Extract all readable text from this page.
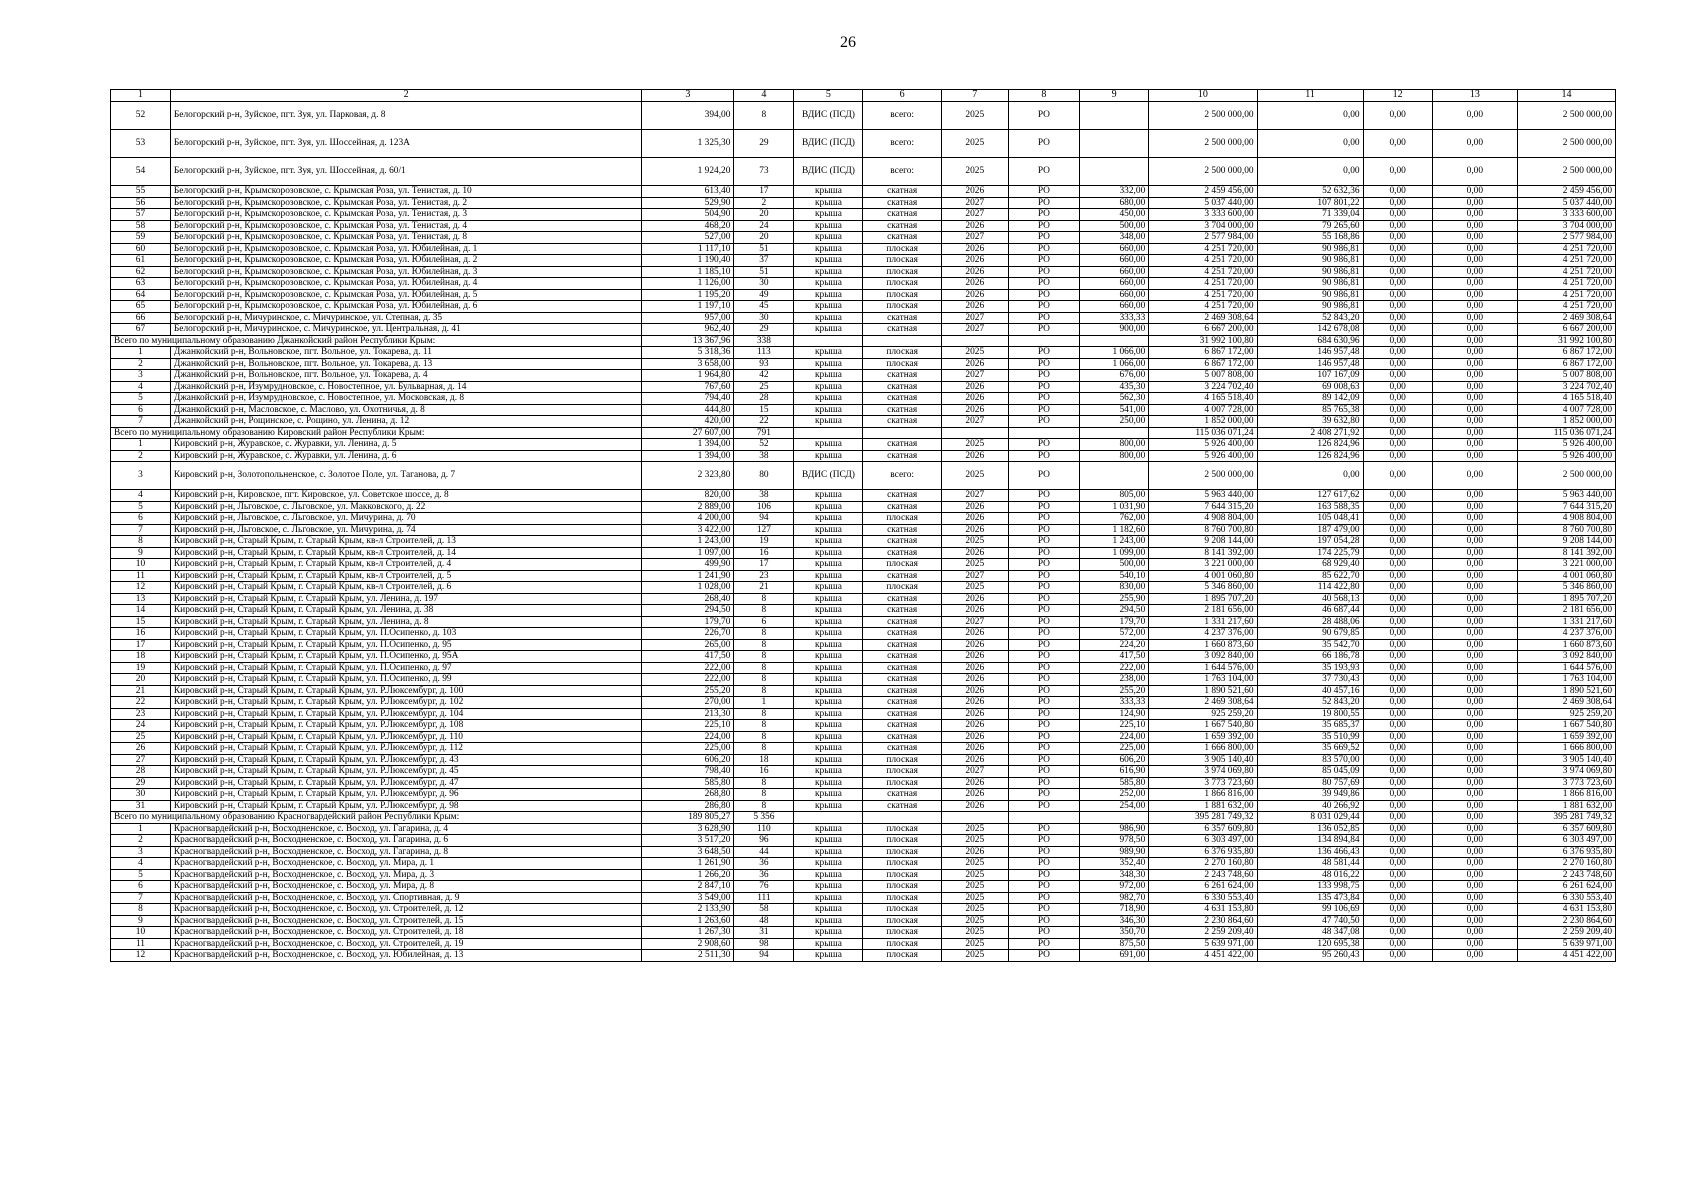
26
1	2	3	4	5	6	7	8	9	10	11	12	13	14
52	Белогорский р-н, Зуйское, пгт. Зуя, ул. Парковая, д. 8	394,00	8	ВДИС (ПСД)	всего:	2025	РО		2 500 000,00	0,00	0,00	0,00	2 500 000,00
53	Белогорский р-н, Зуйское, пгт. Зуя, ул. Шоссейная, д. 123А	1 325,30	29	ВДИС (ПСД)	всего:	2025	РО		2 500 000,00	0,00	0,00	0,00	2 500 000,00
54	Белогорский р-н, Зуйское, пгт. Зуя, ул. Шоссейная, д. 60/1	1 924,20	73	ВДИС (ПСД)	всего:	2025	РО		2 500 000,00	0,00	0,00	0,00	2 500 000,00
55	Белогорский р-н, Крымскорозовское, с. Крымская Роза, ул. Тенистая, д. 10	613,40	17	крыша	скатная	2026	РО	332,00	2 459 456,00	52 632,36	0,00	0,00	2 459 456,00
56	Белогорский р-н, Крымскорозовское, с. Крымская Роза, ул. Тенистая, д. 2	529,90	2	крыша	скатная	2027	РО	680,00	5 037 440,00	107 801,22	0,00	0,00	5 037 440,00
57	Белогорский р-н, Крымскорозовское, с. Крымская Роза, ул. Тенистая, д. 3	504,90	20	крыша	скатная	2027	РО	450,00	3 333 600,00	71 339,04	0,00	0,00	3 333 600,00
58	Белогорский р-н, Крымскорозовское, с. Крымская Роза, ул. Тенистая, д. 4	468,20	24	крыша	скатная	2026	РО	500,00	3 704 000,00	79 265,60	0,00	0,00	3 704 000,00
59	Белогорский р-н, Крымскорозовское, с. Крымская Роза, ул. Тенистая, д. 8	527,00	20	крыша	скатная	2027	РО	348,00	2 577 984,00	55 168,86	0,00	0,00	2 577 984,00
60	Белогорский р-н, Крымскорозовское, с. Крымская Роза, ул. Юбилейная, д. 1	1 117,10	51	крыша	плоская	2026	РО	660,00	4 251 720,00	90 986,81	0,00	0,00	4 251 720,00
61	Белогорский р-н, Крымскорозовское, с. Крымская Роза, ул. Юбилейная, д. 2	1 190,40	37	крыша	плоская	2026	РО	660,00	4 251 720,00	90 986,81	0,00	0,00	4 251 720,00
62	Белогорский р-н, Крымскорозовское, с. Крымская Роза, ул. Юбилейная, д. 3	1 185,10	51	крыша	плоская	2026	РО	660,00	4 251 720,00	90 986,81	0,00	0,00	4 251 720,00
63	Белогорский р-н, Крымскорозовское, с. Крымская Роза, ул. Юбилейная, д. 4	1 126,00	30	крыша	плоская	2026	РО	660,00	4 251 720,00	90 986,81	0,00	0,00	4 251 720,00
64	Белогорский р-н, Крымскорозовское, с. Крымская Роза, ул. Юбилейная, д. 5	1 195,20	49	крыша	плоская	2026	РО	660,00	4 251 720,00	90 986,81	0,00	0,00	4 251 720,00
65	Белогорский р-н, Крымскорозовское, с. Крымская Роза, ул. Юбилейная, д. 6	1 197,10	45	крыша	плоская	2026	РО	660,00	4 251 720,00	90 986,81	0,00	0,00	4 251 720,00
66	Белогорский р-н, Мичуринское, с. Мичуринское, ул. Степная, д. 35	957,00	30	крыша	скатная	2027	РО	333,33	2 469 308,64	52 843,20	0,00	0,00	2 469 308,64
67	Белогорский р-н, Мичуринское, с. Мичуринское, ул. Центральная, д. 41	962,40	29	крыша	скатная	2027	РО	900,00	6 667 200,00	142 678,08	0,00	0,00	6 667 200,00
Всего по муниципальному образованию Джанкойский район Республики Крым:		13 367,96	338						31 992 100,80	684 630,96	0,00	0,00	31 992 100,80
1	Джанкойский р-н, Вольновское, пгт. Вольное, ул. Токарева, д. 11	5 318,36	113	крыша	плоская	2025	РО	1 066,00	6 867 172,00	146 957,48	0,00	0,00	6 867 172,00
2	Джанкойский р-н, Вольновское, пгт. Вольное, ул. Токарева, д. 13	3 658,00	93	крыша	плоская	2026	РО	1 066,00	6 867 172,00	146 957,48	0,00	0,00	6 867 172,00
3	Джанкойский р-н, Вольновское, пгт. Вольное, ул. Токарева, д. 4	1 964,80	42	крыша	скатная	2027	РО	676,00	5 007 808,00	107 167,09	0,00	0,00	5 007 808,00
4	Джанкойский р-н, Изумрудновское, с. Новостепное, ул. Бульварная, д. 14	767,60	25	крыша	скатная	2026	РО	435,30	3 224 702,40	69 008,63	0,00	0,00	3 224 702,40
5	Джанкойский р-н, Изумрудновское, с. Новостепное, ул. Московская, д. 8	794,40	28	крыша	скатная	2026	РО	562,30	4 165 518,40	89 142,09	0,00	0,00	4 165 518,40
6	Джанкойский р-н, Масловское, с. Маслово, ул. Охотничья, д. 8	444,80	15	крыша	скатная	2026	РО	541,00	4 007 728,00	85 765,38	0,00	0,00	4 007 728,00
7	Джанкойский р-н, Рощинское, с. Рощино, ул. Ленина, д. 12	420,00	22	крыша	скатная	2027	РО	250,00	1 852 000,00	39 632,80	0,00	0,00	1 852 000,00
Всего по муниципальному образованию Кировский район Республики Крым:		27 607,00	791						115 036 071,24	2 408 271,92	0,00	0,00	115 036 071,24
1	Кировский р-н, Журавское, с. Журавки, ул. Ленина, д. 5	1 394,00	52	крыша	скатная	2025	РО	800,00	5 926 400,00	126 824,96	0,00	0,00	5 926 400,00
2	Кировский р-н, Журавское, с. Журавки, ул. Ленина, д. 6	1 394,00	38	крыша	скатная	2026	РО	800,00	5 926 400,00	126 824,96	0,00	0,00	5 926 400,00
3	Кировский р-н, Золотопольненское, с. Золотое Поле, ул. Таганова, д. 7	2 323,80	80	ВДИС (ПСД)	всего:	2025	РО		2 500 000,00	0,00	0,00	0,00	2 500 000,00
4	Кировский р-н, Кировское, пгт. Кировское, ул. Советское шоссе, д. 8	820,00	38	крыша	скатная	2027	РО	805,00	5 963 440,00	127 617,62	0,00	0,00	5 963 440,00
5	Кировский р-н, Льговское, с. Льговское, ул. Макковского, д. 22	2 889,00	106	крыша	скатная	2026	РО	1 031,90	7 644 315,20	163 588,35	0,00	0,00	7 644 315,20
6	Кировский р-н, Льговское, с. Льговское, ул. Мичурина, д. 70	4 200,00	94	крыша	плоская	2026	РО	762,00	4 908 804,00	105 048,41	0,00	0,00	4 908 804,00
7	Кировский р-н, Льговское, с. Льговское, ул. Мичурина, д. 74	3 422,00	127	крыша	скатная	2026	РО	1 182,60	8 760 700,80	187 479,00	0,00	0,00	8 760 700,80
8	Кировский р-н, Старый Крым, г. Старый Крым, кв-л Строителей, д. 13	1 243,00	19	крыша	скатная	2025	РО	1 243,00	9 208 144,00	197 054,28	0,00	0,00	9 208 144,00
9	Кировский р-н, Старый Крым, г. Старый Крым, кв-л Строителей, д. 14	1 097,00	16	крыша	скатная	2026	РО	1 099,00	8 141 392,00	174 225,79	0,00	0,00	8 141 392,00
10	Кировский р-н, Старый Крым, г. Старый Крым, кв-л Строителей, д. 4	499,90	17	крыша	плоская	2025	РО	500,00	3 221 000,00	68 929,40	0,00	0,00	3 221 000,00
11	Кировский р-н, Старый Крым, г. Старый Крым, кв-л Строителей, д. 5	1 241,90	23	крыша	скатная	2027	РО	540,10	4 001 060,80	85 622,70	0,00	0,00	4 001 060,80
12	Кировский р-н, Старый Крым, г. Старый Крым, кв-л Строителей, д. 6	1 028,00	21	крыша	плоская	2025	РО	830,00	5 346 860,00	114 422,80	0,00	0,00	5 346 860,00
13	Кировский р-н, Старый Крым, г. Старый Крым, ул. Ленина, д. 197	268,40	8	крыша	скатная	2026	РО	255,90	1 895 707,20	40 568,13	0,00	0,00	1 895 707,20
14	Кировский р-н, Старый Крым, г. Старый Крым, ул. Ленина, д. 38	294,50	8	крыша	скатная	2026	РО	294,50	2 181 656,00	46 687,44	0,00	0,00	2 181 656,00
15	Кировский р-н, Старый Крым, г. Старый Крым, ул. Ленина, д. 8	179,70	6	крыша	скатная	2027	РО	179,70	1 331 217,60	28 488,06	0,00	0,00	1 331 217,60
16	Кировский р-н, Старый Крым, г. Старый Крым, ул. П.Осипенко, д. 103	226,70	8	крыша	скатная	2026	РО	572,00	4 237 376,00	90 679,85	0,00	0,00	4 237 376,00
17	Кировский р-н, Старый Крым, г. Старый Крым, ул. П.Осипенко, д. 95	265,00	8	крыша	скатная	2026	РО	224,20	1 660 873,60	35 542,70	0,00	0,00	1 660 873,60
18	Кировский р-н, Старый Крым, г. Старый Крым, ул. П.Осипенко, д. 95А	417,50	8	крыша	скатная	2026	РО	417,50	3 092 840,00	66 186,78	0,00	0,00	3 092 840,00
19	Кировский р-н, Старый Крым, г. Старый Крым, ул. П.Осипенко, д. 97	222,00	8	крыша	скатная	2026	РО	222,00	1 644 576,00	35 193,93	0,00	0,00	1 644 576,00
20	Кировский р-н, Старый Крым, г. Старый Крым, ул. П.Осипенко, д. 99	222,00	8	крыша	скатная	2026	РО	238,00	1 763 104,00	37 730,43	0,00	0,00	1 763 104,00
21	Кировский р-н, Старый Крым, г. Старый Крым, ул. Р.Люксембург, д. 100	255,20	8	крыша	скатная	2026	РО	255,20	1 890 521,60	40 457,16	0,00	0,00	1 890 521,60
22	Кировский р-н, Старый Крым, г. Старый Крым, ул. Р.Люксембург, д. 102	270,00	1	крыша	скатная	2026	РО	333,33	2 469 308,64	52 843,20	0,00	0,00	2 469 308,64
23	Кировский р-н, Старый Крым, г. Старый Крым, ул. Р.Люксембург, д. 104	213,30	8	крыша	скатная	2026	РО	124,90	925 259,20	19 800,55	0,00	0,00	925 259,20
24	Кировский р-н, Старый Крым, г. Старый Крым, ул. Р.Люксембург, д. 108	225,10	8	крыша	скатная	2026	РО	225,10	1 667 540,80	35 685,37	0,00	0,00	1 667 540,80
25	Кировский р-н, Старый Крым, г. Старый Крым, ул. Р.Люксембург, д. 110	224,00	8	крыша	скатная	2026	РО	224,00	1 659 392,00	35 510,99	0,00	0,00	1 659 392,00
26	Кировский р-н, Старый Крым, г. Старый Крым, ул. Р.Люксембург, д. 112	225,00	8	крыша	скатная	2026	РО	225,00	1 666 800,00	35 669,52	0,00	0,00	1 666 800,00
27	Кировский р-н, Старый Крым, г. Старый Крым, ул. Р.Люксембург, д. 43	606,20	18	крыша	плоская	2026	РО	606,20	3 905 140,40	83 570,00	0,00	0,00	3 905 140,40
28	Кировский р-н, Старый Крым, г. Старый Крым, ул. Р.Люксембург, д. 45	798,40	16	крыша	плоская	2027	РО	616,90	3 974 069,80	85 045,09	0,00	0,00	3 974 069,80
29	Кировский р-н, Старый Крым, г. Старый Крым, ул. Р.Люксембург, д. 47	585,80	8	крыша	плоская	2026	РО	585,80	3 773 723,60	80 757,69	0,00	0,00	3 773 723,60
30	Кировский р-н, Старый Крым, г. Старый Крым, ул. Р.Люксембург, д. 96	268,80	8	крыша	скатная	2026	РО	252,00	1 866 816,00	39 949,86	0,00	0,00	1 866 816,00
31	Кировский р-н, Старый Крым, г. Старый Крым, ул. Р.Люксембург, д. 98	286,80	8	крыша	скатная	2026	РО	254,00	1 881 632,00	40 266,92	0,00	0,00	1 881 632,00
Всего по муниципальному образованию Красногвардейский район Республики Крым:		189 805,27	5 356						395 281 749,32	8 031 029,44	0,00	0,00	395 281 749,32
1	Красногвардейский р-н, Восходненское, с. Восход, ул. Гагарина, д. 4	3 628,90	110	крыша	плоская	2025	РО	986,90	6 357 609,80	136 052,85	0,00	0,00	6 357 609,80
2	Красногвардейский р-н, Восходненское, с. Восход, ул. Гагарина, д. 6	3 517,20	96	крыша	плоская	2025	РО	978,50	6 303 497,00	134 894,84	0,00	0,00	6 303 497,00
3	Красногвардейский р-н, Восходненское, с. Восход, ул. Гагарина, д. 8	3 648,50	44	крыша	плоская	2026	РО	989,90	6 376 935,80	136 466,43	0,00	0,00	6 376 935,80
4	Красногвардейский р-н, Восходненское, с. Восход, ул. Мира, д. 1	1 261,90	36	крыша	плоская	2025	РО	352,40	2 270 160,80	48 581,44	0,00	0,00	2 270 160,80
5	Красногвардейский р-н, Восходненское, с. Восход, ул. Мира, д. 3	1 266,20	36	крыша	плоская	2025	РО	348,30	2 243 748,60	48 016,22	0,00	0,00	2 243 748,60
6	Красногвардейский р-н, Восходненское, с. Восход, ул. Мира, д. 8	2 847,10	76	крыша	плоская	2025	РО	972,00	6 261 624,00	133 998,75	0,00	0,00	6 261 624,00
7	Красногвардейский р-н, Восходненское, с. Восход, ул. Спортивная, д. 9	3 549,00	111	крыша	плоская	2025	РО	982,70	6 330 553,40	135 473,84	0,00	0,00	6 330 553,40
8	Красногвардейский р-н, Восходненское, с. Восход, ул. Строителей, д. 12	2 133,90	58	крыша	плоская	2025	РО	718,90	4 631 153,80	99 106,69	0,00	0,00	4 631 153,80
9	Красногвардейский р-н, Восходненское, с. Восход, ул. Строителей, д. 15	1 263,60	48	крыша	плоская	2025	РО	346,30	2 230 864,60	47 740,50	0,00	0,00	2 230 864,60
10	Красногвардейский р-н, Восходненское, с. Восход, ул. Строителей, д. 18	1 267,30	31	крыша	плоская	2025	РО	350,70	2 259 209,40	48 347,08	0,00	0,00	2 259 209,40
11	Красногвардейский р-н, Восходненское, с. Восход, ул. Строителей, д. 19	2 908,60	98	крыша	плоская	2025	РО	875,50	5 639 971,00	120 695,38	0,00	0,00	5 639 971,00
12	Красногвардейский р-н, Восходненское, с. Восход, ул. Юбилейная, д. 13	2 511,30	94	крыша	плоская	2025	РО	691,00	4 451 422,00	95 260,43	0,00	0,00	4 451 422,00
